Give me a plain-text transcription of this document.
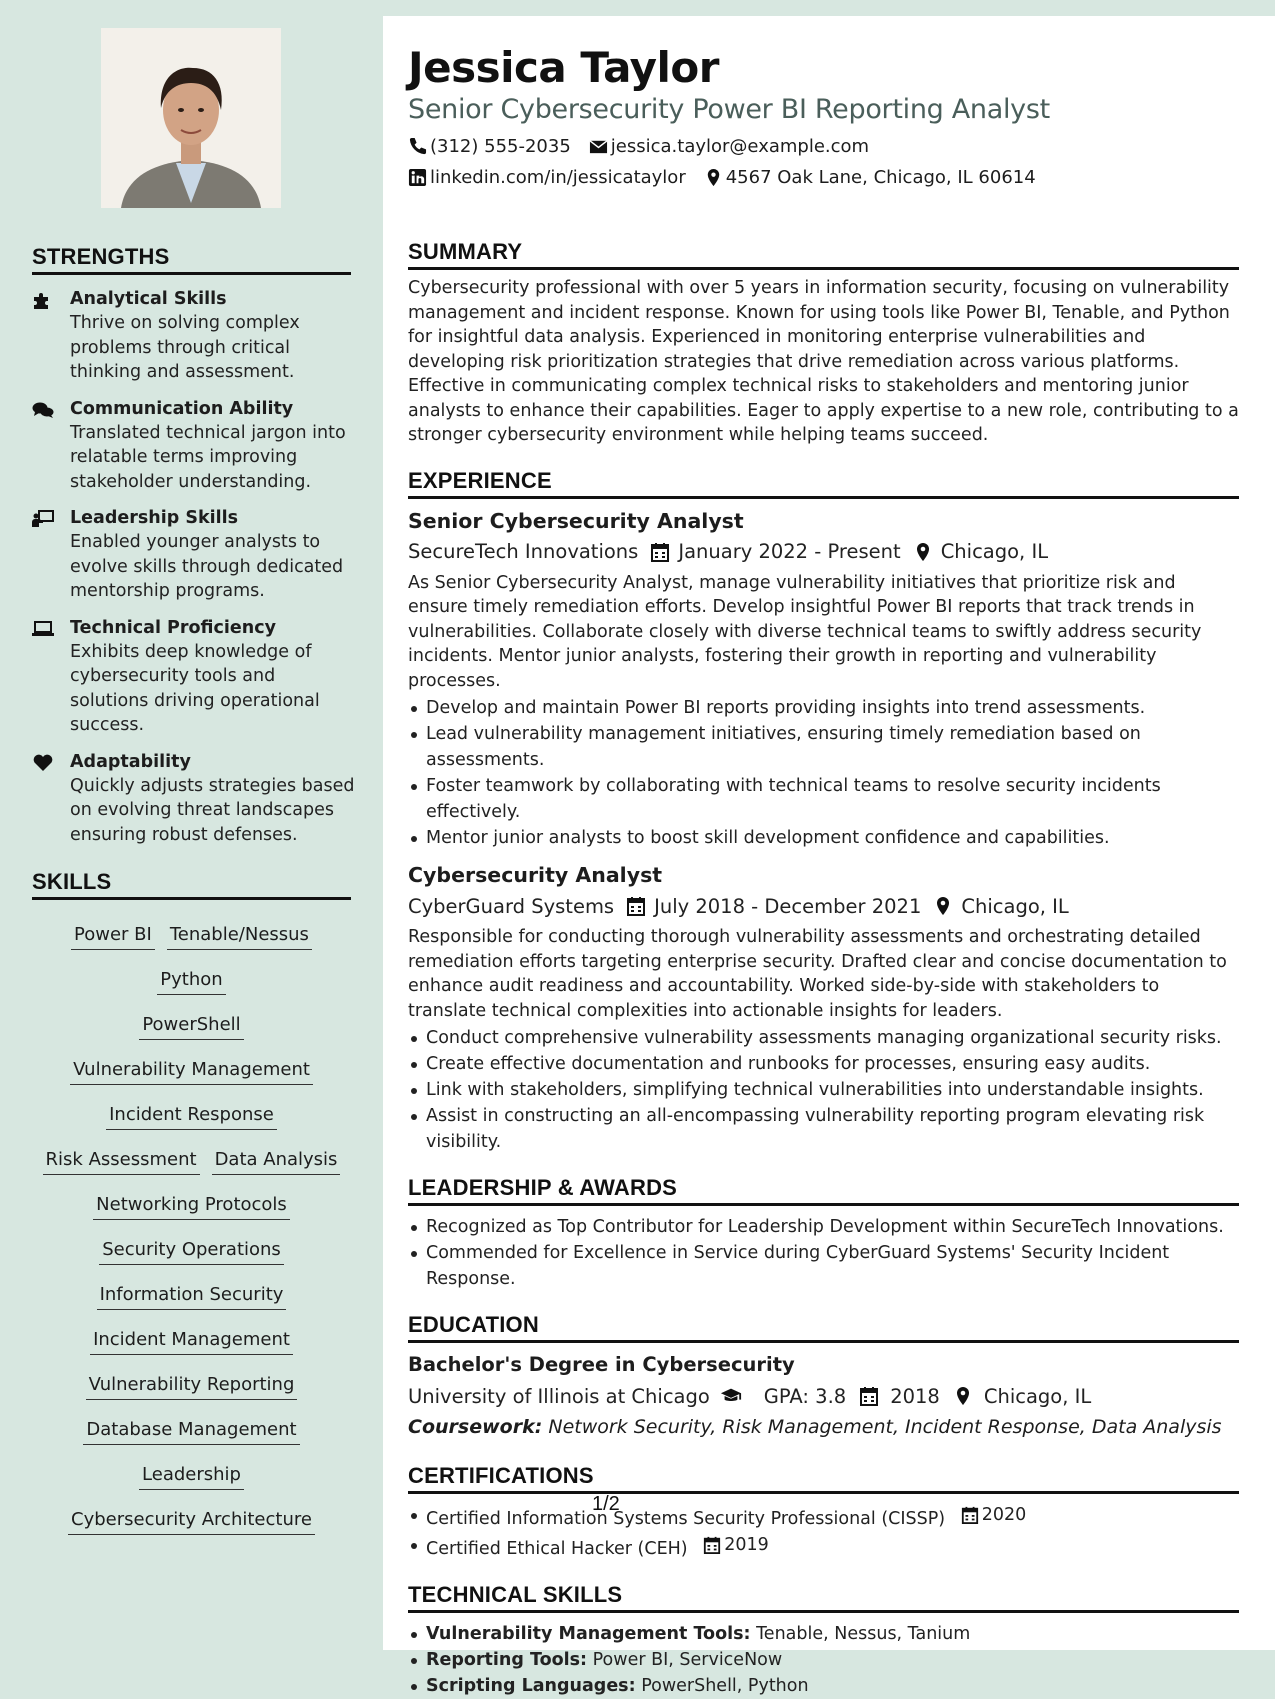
STRENGTHS
Analytical Skills
Thrive on solving complex problems through critical thinking and assessment.
Communication Ability
Translated technical jargon into relatable terms improving stakeholder understanding.
Leadership Skills
Enabled younger analysts to evolve skills through dedicated mentorship programs.
Technical Proficiency
Exhibits deep knowledge of cybersecurity tools and solutions driving operational success.
Adaptability
Quickly adjusts strategies based on evolving threat landscapes ensuring robust defenses.
SKILLS
Power BI Tenable/NessusPython
PowerShell
Vulnerability Management
Incident Response
Risk Assessment Data Analysis
Networking Protocols
Security Operations
Information Security
Incident Management
Vulnerability Reporting
Database ManagementLeadership
Cybersecurity Architecture
Jessica Taylor
Senior Cybersecurity Power BI Reporting Analyst
(312) 555-2035 jessica.taylor@example.com
linkedin.com/in/jessicataylor 4567 Oak Lane, Chicago, IL 60614
SUMMARY
Cybersecurity professional with over 5 years in information security, focusing on vulnerability management and incident response. Known for using tools like Power BI, Tenable, and Python for insightful data analysis. Experienced in monitoring enterprise vulnerabilities and developing risk prioritization strategies that drive remediation across various platforms. Effective in communicating complex technical risks to stakeholders and mentoring junior analysts to enhance their capabilities. Eager to apply expertise to a new role, contributing to a stronger cybersecurity environment while helping teams succeed.
EXPERIENCE
Senior Cybersecurity Analyst
SecureTech Innovations January 2022 - Present Chicago, IL
As Senior Cybersecurity Analyst, manage vulnerability initiatives that prioritize risk and ensure timely remediation efforts. Develop insightful Power BI reports that track trends in vulnerabilities. Collaborate closely with diverse technical teams to swiftly address security incidents. Mentor junior analysts, fostering their growth in reporting and vulnerability processes.
Develop and maintain Power BI reports providing insights into trend assessments.
Lead vulnerability management initiatives, ensuring timely remediation based on assessments.
Foster teamwork by collaborating with technical teams to resolve security incidents effectively.
Mentor junior analysts to boost skill development confidence and capabilities.
Cybersecurity Analyst
CyberGuard Systems July 2018 - December 2021 Chicago, IL
Responsible for conducting thorough vulnerability assessments and orchestrating detailed remediation efforts targeting enterprise security. Drafted clear and concise documentation to enhance audit readiness and accountability. Worked side-by-side with stakeholders to translate technical complexities into actionable insights for leaders.
Conduct comprehensive vulnerability assessments managing organizational security risks.
Create effective documentation and runbooks for processes, ensuring easy audits.
Link with stakeholders, simplifying technical vulnerabilities into understandable insights.
Assist in constructing an all-encompassing vulnerability reporting program elevating risk visibility.
LEADERSHIP & AWARDS
Recognized as Top Contributor for Leadership Development within SecureTech Innovations.
Commended for Excellence in Service during CyberGuard Systems' Security Incident Response.
EDUCATION
Bachelor's Degree in Cybersecurity
University of Illinois at Chicago	GPA: 3.8 2018 Chicago, IL
Coursework: Network Security, Risk Management, Incident Response, Data Analysis
CERTIFICATIONS
Certified Information Systems Security Professional (CISSP) 2020
Certified Ethical Hacker (CEH) 2019
TECHNICAL SKILLS
Vulnerability Management Tools: Tenable, Nessus, Tanium
Reporting Tools: Power BI, ServiceNow
Scripting Languages: PowerShell, Python
1/2
